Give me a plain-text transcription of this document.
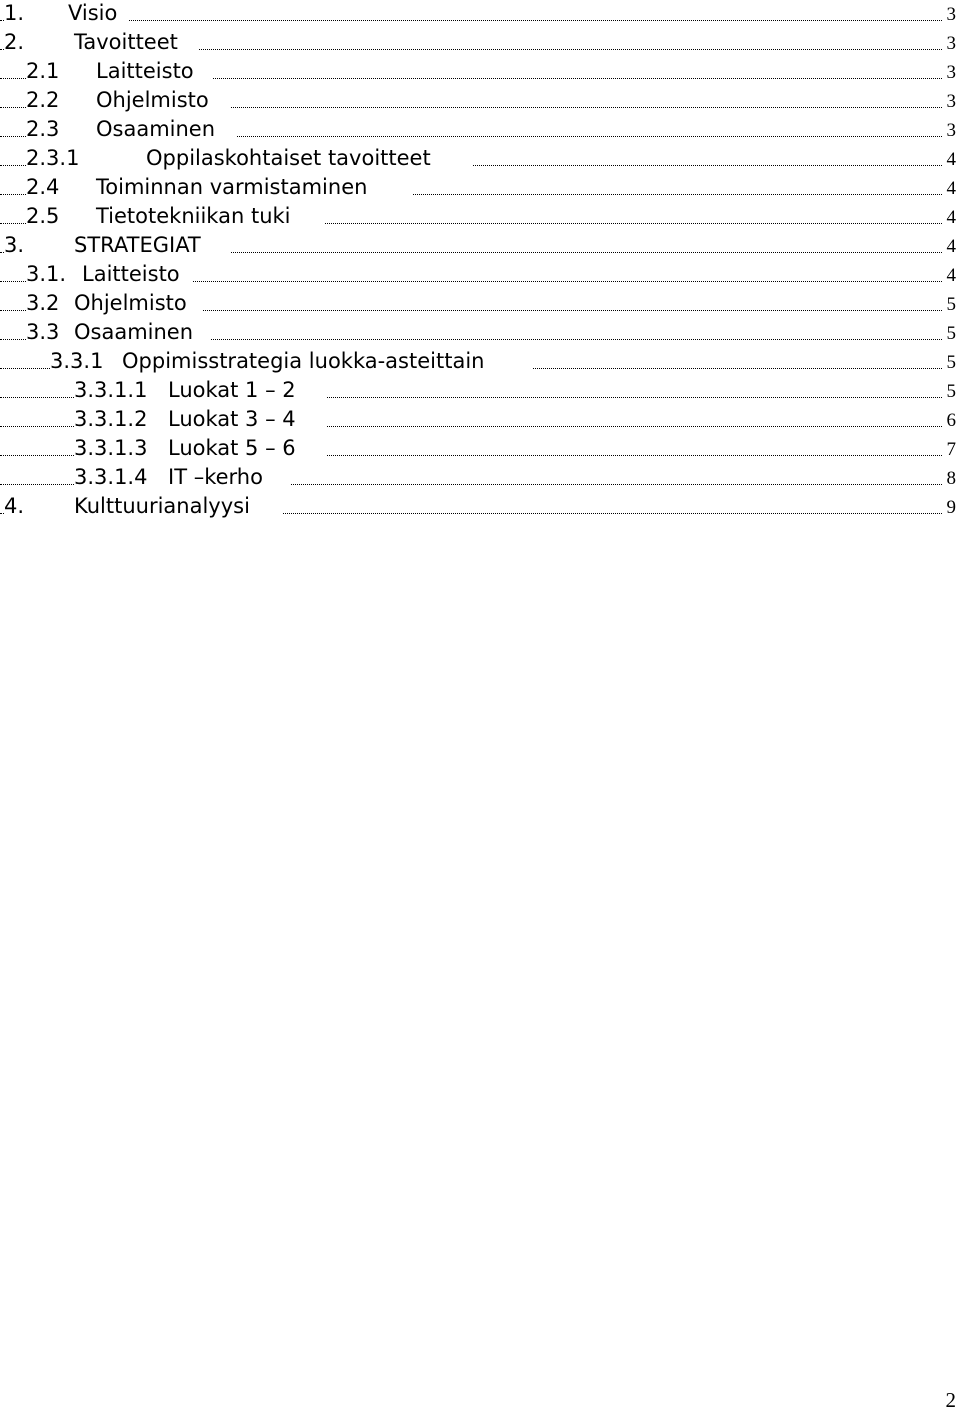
1. Visio	3
2. Tavoitteet	3
2.1 Laitteisto	3
2.2 Ohjelmisto	3
2.3 Osaaminen	3
2.3.1	Oppilaskohtaiset tavoitteet	4
2.4 Toiminnan varmistaminen	4
2.5 Tietotekniikan tuki	4
3. STRATEGIAT	4
3.1. Laitteisto	4
3.2 Ohjelmisto	5
3.3 Osaaminen	5
3.3.1 Oppimisstrategia luokka-asteittain	5
3.3.1.1 Luokat 1 – 2	5
3.3.1.2 Luokat 3 – 4	6
3.3.1.3 Luokat 5 – 6	7
3.3.1.4 IT –kerho	8
4. Kulttuurianalyysi	9
2
